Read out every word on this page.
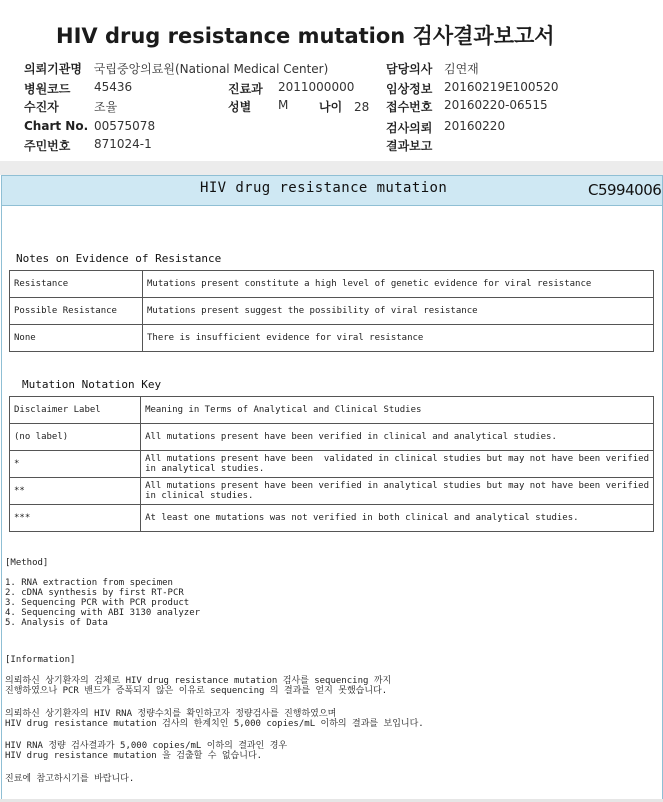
HIV drug resistance mutation 검사결과보고서
의뢰기관명 국립중앙의료원(National Medical Center)
병원코드 45436
수진자	조율
Chart No. 00575078
주민번호 871024-1
진료과 2011000000
성별 M	나이 28
담당의사 김연재
임상정보 20160219E100520
접수번호 20160220-06515
검사의뢰 20160220
결과보고
HIV drug resistance mutation	C5994006
Notes on Evidence of Resistance
Resistance	Mutations present constitute a high level of genetic evidence for viral resistance
Possible Resistance	Mutations present suggest the possibility of viral resistance
None	There is insufficient evidence for viral resistance
Mutation Notation Key
Disclaimer Label	Meaning in Terms of Analytical and Clinical Studies
(no label)	All mutations present have been verified in clinical and analytical studies.
*	All mutations present have been  validated in clinical studies but may not have been verified
in analytical studies.
**	All mutations present have been verified in analytical studies but may not have been verified
in clinical studies.
***	At least one mutations was not verified in both clinical and analytical studies.
[Method]
1. RNA extraction from specimen
2. cDNA synthesis by first RT-PCR
3. Sequencing PCR with PCR product
4. Sequencing with ABI 3130 analyzer
5. Analysis of Data
[Information]
의뢰하신 상기환자의 검체로 HIV drug resistance mutation 검사를 sequencing 까지
진행하였으나 PCR 밴드가 증폭되지 않은 이유로 sequencing 의 결과를 얻지 못했습니다.
의뢰하신 상기환자의 HIV RNA 정량수치를 확인하고자 정량검사를 진행하였으며
HIV drug resistance mutation 검사의 한계치인 5,000 copies/mL 이하의 결과를 보입니다.
HIV RNA 정량 검사결과가 5,000 copies/mL 이하의 결과인 경우
HIV drug resistance mutation 을 검출할 수 없습니다.
진료에 참고하시기를 바랍니다.
